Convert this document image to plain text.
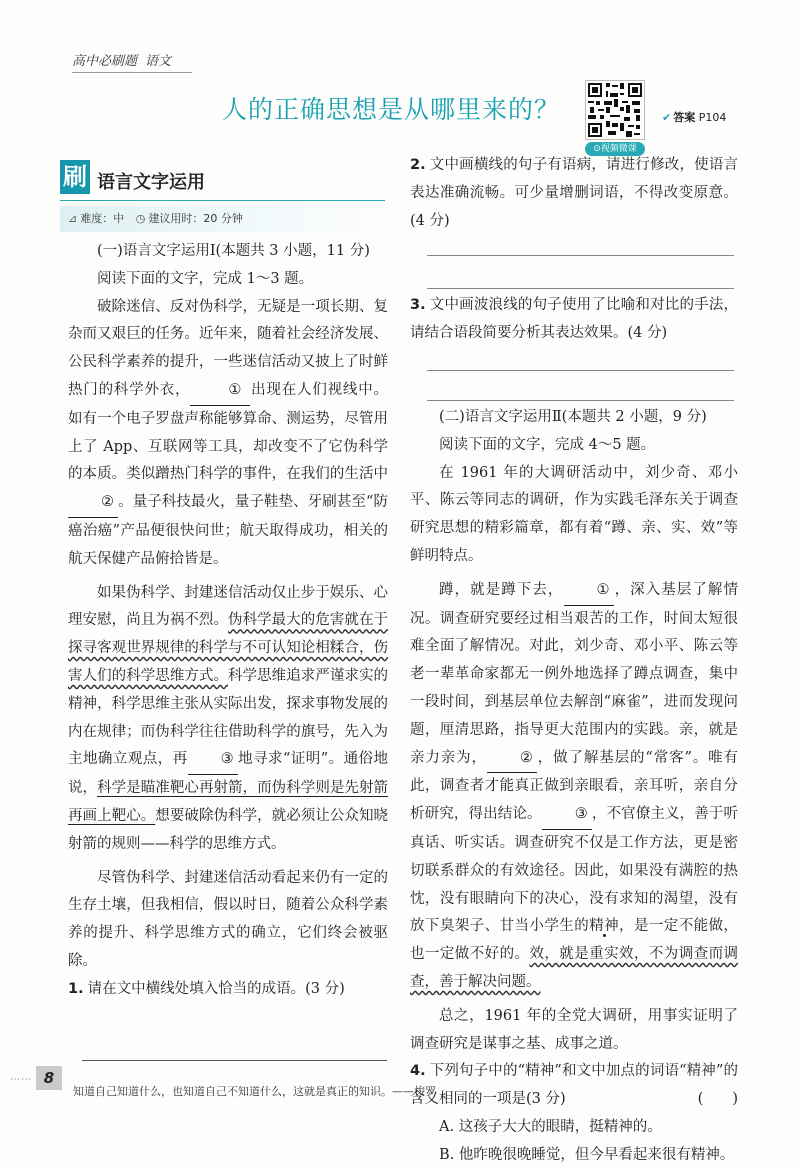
高中必刷题 语文
人的正确思想是从哪里来的？
⊙视频微课
✔ 答案 P104
刷 语言文字运用
⊿ 难度：中 ◷ 建议用时：20 分钟

(一)语言文字运用Ⅰ(本题共 3 小题，11 分)

阅读下面的文字，完成 1～3 题。

破除迷信、反对伪科学，无疑是一项长期、复杂而又艰巨的任务。近年来，随着社会经济发展、公民科学素养的提升，一些迷信活动又披上了时鲜热门的科学外衣，	① 出现在人们视线中。如有一个电子罗盘声称能够算命、测运势，尽管用上了 App、互联网等工具，却改变不了它伪科学的本质。类似蹭热门科学的事件，在我们的生活中② 。量子科技最火，量子鞋垫、牙刷甚至“防癌治癌”产品便很快问世；航天取得成功，相关的航天保健产品俯拾皆是。

如果伪科学、封建迷信活动仅止步于娱乐、心理安慰，尚且为祸不烈。伪科学最大的危害就在于探寻客观世界规律的科学与不可认知论相糅合，伤害人们的科学思维方式。科学思维追求严谨求实的精神，科学思维主张从实际出发，探求事物发展的内在规律；而伪科学往往借助科学的旗号，先入为主地确立观点，再 ③ 地寻求“证明”。通俗地说，科学是瞄准靶心再射箭，而伪科学则是先射箭再画上靶心。想要破除伪科学，就必须让公众知晓射箭的规则——科学的思维方式。

尽管伪科学、封建迷信活动看起来仍有一定的生存土壤，但我相信，假以时日，随着公众科学素养的提升、科学思维方式的确立，它们终会被驱除。

1. 请在文中横线处填入恰当的成语。(3 分)

2. 文中画横线的句子有语病，请进行修改，使语言表达准确流畅。可少量增删词语，不得改变原意。(4 分)

3. 文中画波浪线的句子使用了比喻和对比的手法，请结合语段简要分析其表达效果。(4 分)

(二)语言文字运用Ⅱ(本题共 2 小题，9 分)

阅读下面的文字，完成 4～5 题。

在 1961 年的大调研活动中，刘少奇、邓小平、陈云等同志的调研，作为实践毛泽东关于调查研究思想的精彩篇章，都有着“蹲、亲、实、效”等鲜明特点。

蹲，就是蹲下去， ① ，深入基层了解情况。调查研究要经过相当艰苦的工作，时间太短很难全面了解情况。对此，刘少奇、邓小平、陈云等老一辈革命家都无一例外地选择了蹲点调查，集中一段时间，到基层单位去解剖“麻雀”，进而发现问题，厘清思路，指导更大范围内的实践。亲，就是亲力亲为， ② ，做了解基层的“常客”。唯有此，调查者才能真正做到亲眼看，亲耳听，亲自分析研究，得出结论。 ③ ，不官僚主义，善于听真话、听实话。调查研究不仅是工作方法，更是密切联系群众的有效途径。因此，如果没有满腔的热忱，没有眼睛向下的决心，没有求知的渴望，没有放下臭架子、甘当小学生的精神，是一定不能做，也一定做不好的。效，就是重实效，不为调查而调查，善于解决问题。

总之，1961 年的全党大调研，用事实证明了调查研究是谋事之基、成事之道。

4. 下列句子中的“精神”和文中加点的词语“精神”的含义相同的一项是(3 分)	(　　)

A. 这孩子大大的眼睛，挺精神的。

B. 他昨晚很晚睡觉，但今早看起来很有精神。

⋯⋯ 8
知道自己知道什么，也知道自己不知道什么，这就是真正的知识。——梭罗
